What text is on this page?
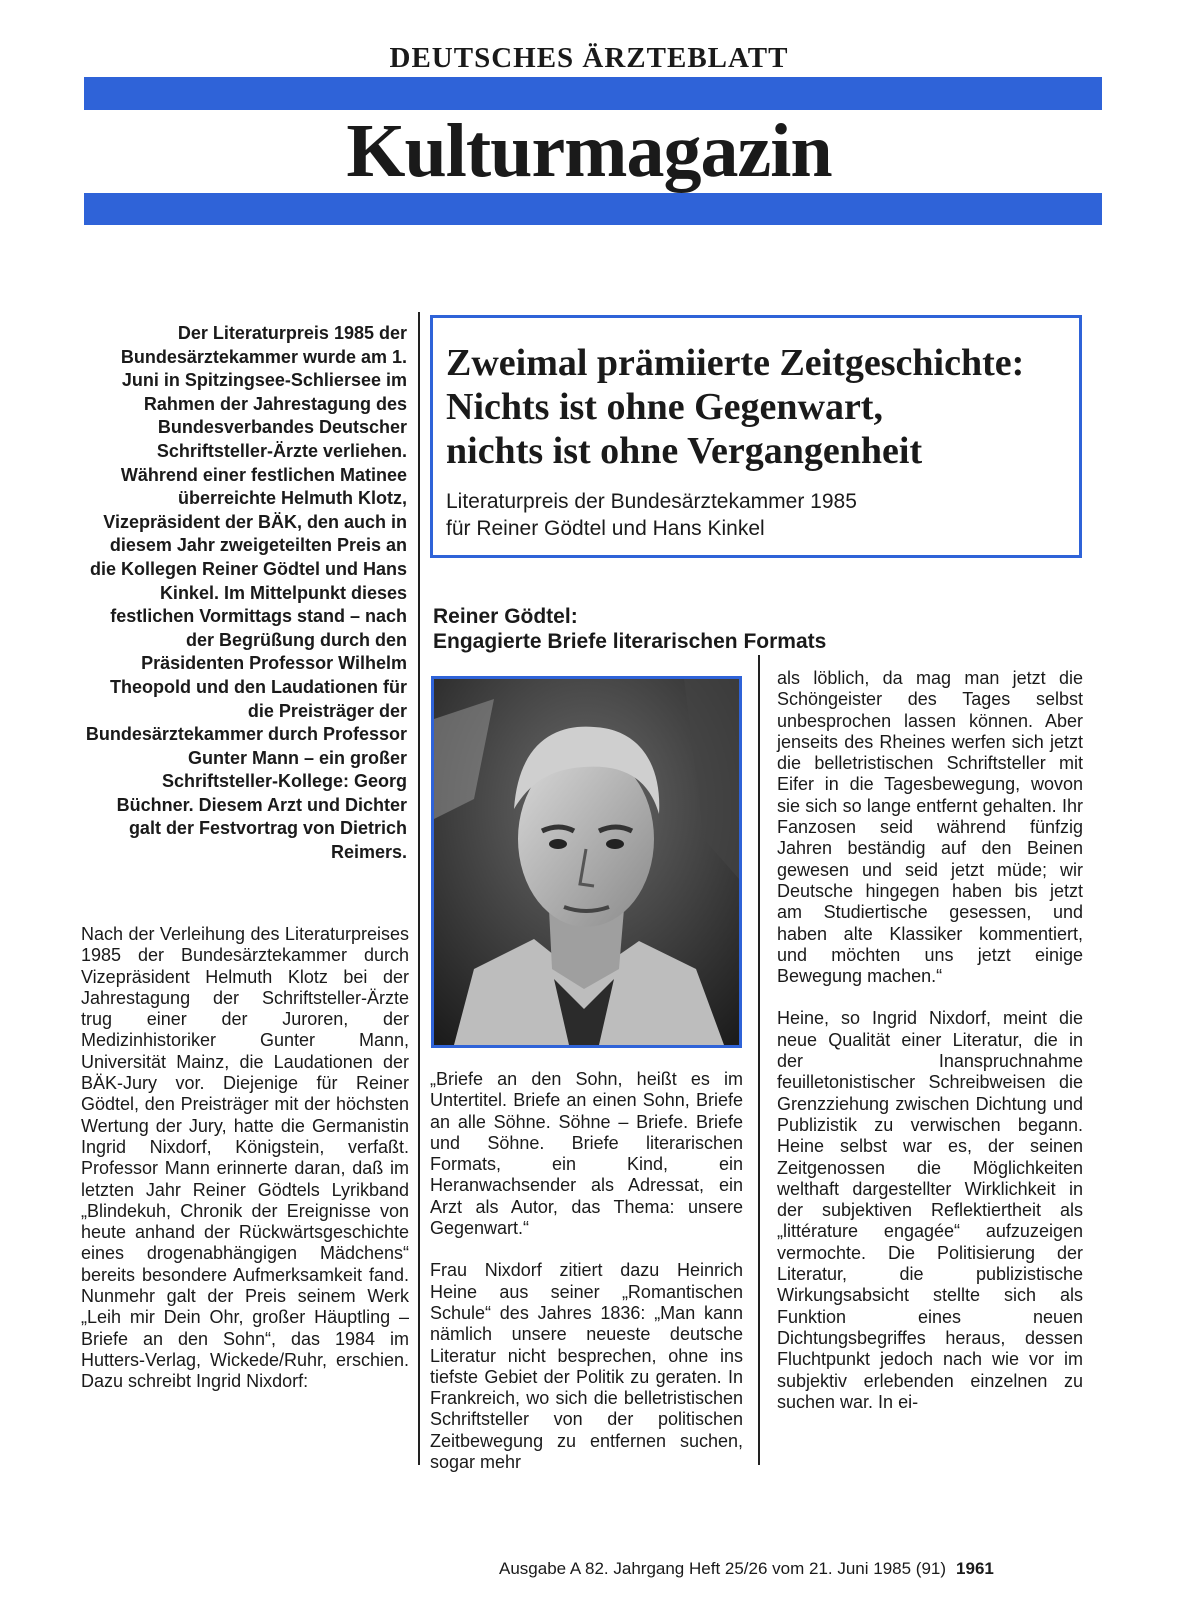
DEUTSCHES ÄRZTEBLATT
Kulturmagazin

Der Literaturpreis 1985 der Bundesärztekammer wurde am 1. Juni in Spitzingsee-Schliersee im Rahmen der Jahrestagung des Bundesverbandes Deutscher Schriftsteller-Ärzte verliehen. Während einer festlichen Matinee überreichte Helmuth Klotz, Vizepräsident der BÄK, den auch in diesem Jahr zweigeteilten Preis an die Kollegen Reiner Gödtel und Hans Kinkel. Im Mittelpunkt dieses festlichen Vormittags stand – nach der Begrüßung durch den Präsidenten Professor Wilhelm Theopold und den Laudationen für die Preisträger der Bundesärztekammer durch Professor Gunter Mann – ein großer Schriftsteller-Kollege: Georg Büchner. Diesem Arzt und Dichter galt der Festvortrag von Dietrich Reimers.

Nach der Verleihung des Literaturpreises 1985 der Bundesärztekammer durch Vizepräsident Helmuth Klotz bei der Jahrestagung der Schriftsteller-Ärzte trug einer der Juroren, der Medizinhistoriker Gunter Mann, Universität Mainz, die Laudationen der BÄK-Jury vor. Diejenige für Reiner Gödtel, den Preisträger mit der höchsten Wertung der Jury, hatte die Germanistin Ingrid Nixdorf, Königstein, verfaßt. Professor Mann erinnerte daran, daß im letzten Jahr Reiner Gödtels Lyrikband „Blindekuh, Chronik der Ereignisse von heute anhand der Rückwärtsgeschichte eines drogenabhängigen Mädchens“ bereits besondere Aufmerksamkeit fand. Nunmehr galt der Preis seinem Werk „Leih mir Dein Ohr, großer Häuptling – Briefe an den Sohn“, das 1984 im Hutters-Verlag, Wickede/Ruhr, erschien. Dazu schreibt Ingrid Nixdorf:

Zweimal prämiierte Zeitgeschichte:
Nichts ist ohne Gegenwart,
nichts ist ohne Vergangenheit
Literaturpreis der Bundesärztekammer 1985
für Reiner Gödtel und Hans Kinkel
Reiner Gödtel:
Engagierte Briefe literarischen Formats

„Briefe an den Sohn, heißt es im Untertitel. Briefe an einen Sohn, Briefe an alle Söhne. Söhne – Briefe. Briefe und Söhne. Briefe literarischen Formats, ein Kind, ein Heranwachsender als Adressat, ein Arzt als Autor, das Thema: unsere Gegenwart.“

Frau Nixdorf zitiert dazu Heinrich Heine aus seiner „Romantischen Schule“ des Jahres 1836: „Man kann nämlich unsere neueste deutsche Literatur nicht besprechen, ohne ins tiefste Gebiet der Politik zu geraten. In Frankreich, wo sich die belletristischen Schriftsteller von der politischen Zeitbewegung zu entfernen suchen, sogar mehr

als löblich, da mag man jetzt die Schöngeister des Tages selbst unbesprochen lassen können. Aber jenseits des Rheines werfen sich jetzt die belletristischen Schriftsteller mit Eifer in die Tagesbewegung, wovon sie sich so lange entfernt gehalten. Ihr Fanzosen seid während fünfzig Jahren beständig auf den Beinen gewesen und seid jetzt müde; wir Deutsche hingegen haben bis jetzt am Studiertische gesessen, und haben alte Klassiker kommentiert, und möchten uns jetzt einige Bewegung machen.“

Heine, so Ingrid Nixdorf, meint die neue Qualität einer Literatur, die in der Inanspruchnahme feuilletonistischer Schreibweisen die Grenzziehung zwischen Dichtung und Publizistik zu verwischen begann. Heine selbst war es, der seinen Zeitgenossen die Möglichkeiten welthaft dargestellter Wirklichkeit in der subjektiven Reflektiertheit als „littérature engagée“ aufzuzeigen vermochte. Die Politisierung der Literatur, die publizistische Wirkungsabsicht stellte sich als Funktion eines neuen Dichtungsbegriffes heraus, dessen Fluchtpunkt jedoch nach wie vor im subjektiv erlebenden einzelnen zu suchen war. In ei-

Ausgabe A 82. Jahrgang Heft 25/26 vom 21. Juni 1985 (91) 1961
